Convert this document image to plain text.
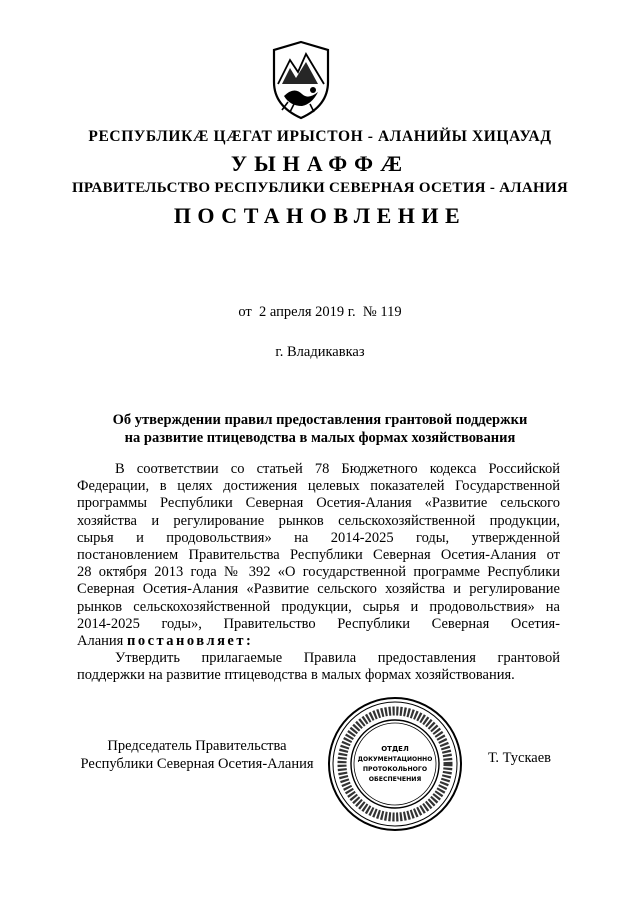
РЕСПУБЛИКÆ ЦÆГАТ ИРЫСТОН - АЛАНИЙЫ ХИЦАУАД
УЫНАФФÆ
ПРАВИТЕЛЬСТВО РЕСПУБЛИКИ СЕВЕРНАЯ ОСЕТИЯ - АЛАНИЯ
ПОСТАНОВЛЕНИЕ
от  2 апреля 2019 г.  № 119
г. Владикавказ
Об утверждении правил предоставления грантовой поддержки
на развитие птицеводства в малых формах хозяйствования
В соответствии со статьей 78 Бюджетного кодекса Российской
Федерации, в целях достижения целевых показателей Государственной
программы Республики Северная Осетия-Алания «Развитие сельского
хозяйства и регулирование рынков сельскохозяйственной продукции,
сырья и продовольствия» на 2014-2025 годы, утвержденной
постановлением Правительства Республики Северная Осетия-Алания от
28 октября 2013 года № 392 «О государственной программе Республики
Северная Осетия-Алания «Развитие сельского хозяйства и регулирование
рынков сельскохозяйственной продукции, сырья и продовольствия» на
2014-2025 годы», Правительство Республики Северная Осетия-
Алания постановляет:
Утвердить прилагаемые Правила предоставления грантовой
поддержки на развитие птицеводства в малых формах хозяйствования.
Председатель Правительства
Республики Северная Осетия-Алания
ОТДЕЛ
ДОКУМЕНТАЦИОННО
ПРОТОКОЛЬНОГО
ОБЕСПЕЧЕНИЯ
Т. Тускаев
